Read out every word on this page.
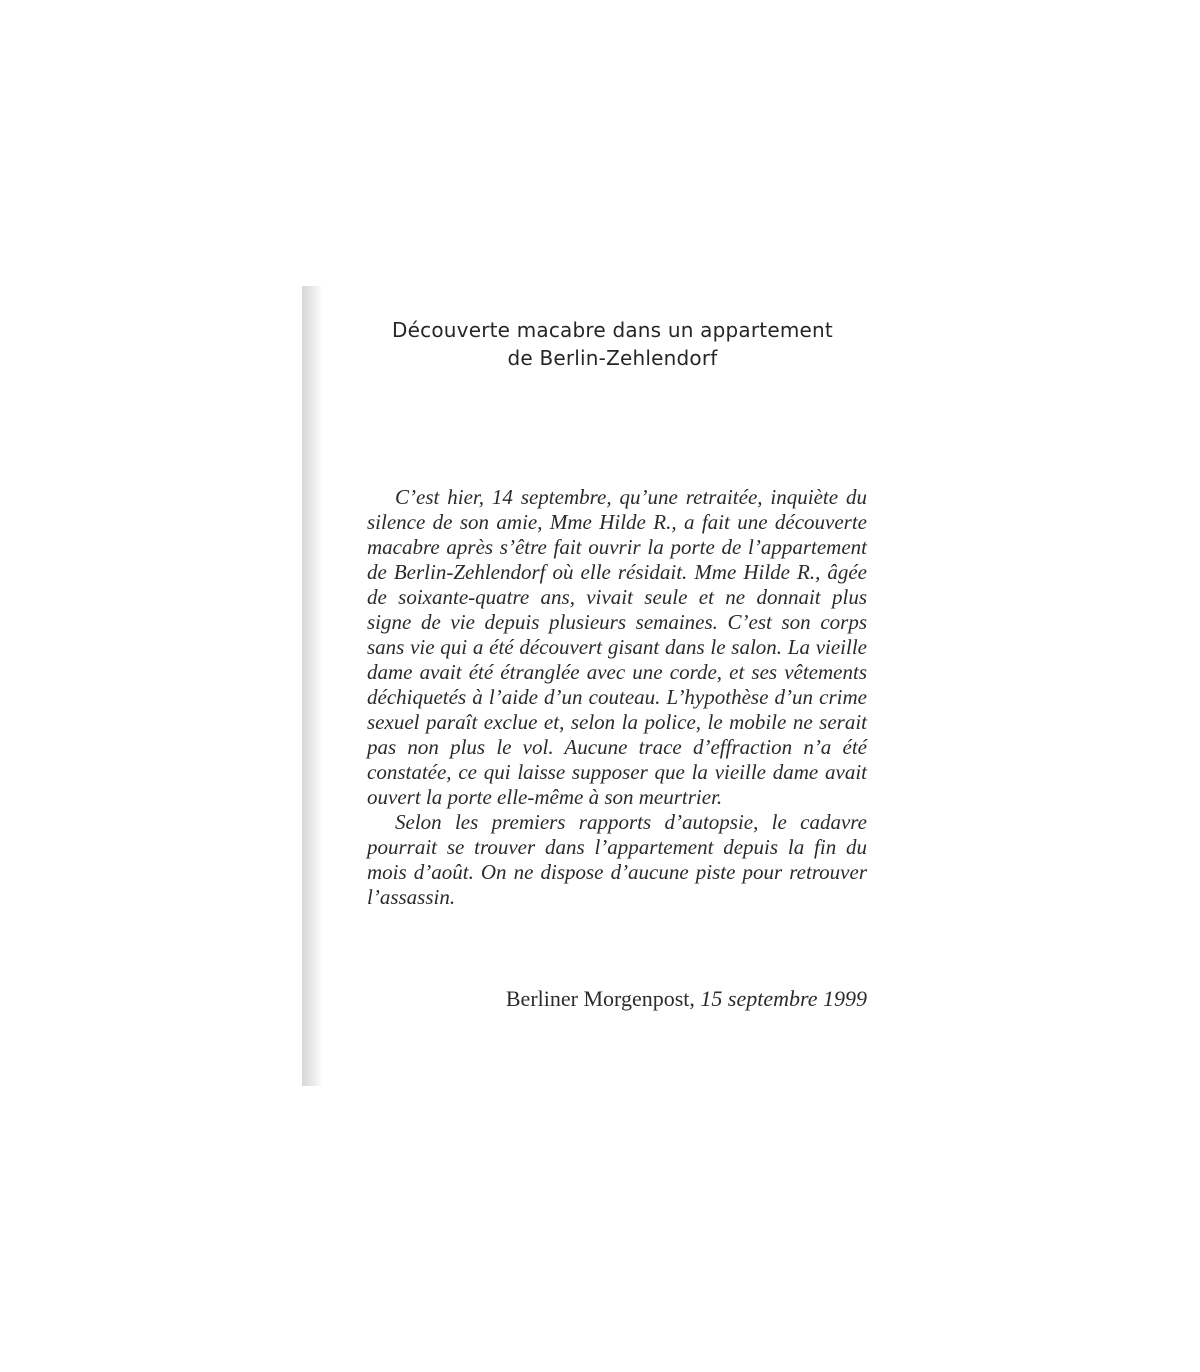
Découverte macabre dans un appartement
de Berlin-Zehlendorf

C’est hier, 14 septembre, qu’une retraitée, inquiète du silence de son amie, Mme Hilde R., a fait une découverte macabre après s’être fait ouvrir la porte de l’appartement de Berlin-Zehlendorf où elle résidait. Mme Hilde R., âgée de soixante-quatre ans, vivait seule et ne donnait plus signe de vie depuis plusieurs semaines. C’est son corps sans vie qui a été découvert gisant dans le salon. La vieille dame avait été étranglée avec une corde, et ses vêtements déchiquetés à l’aide d’un couteau. L’hypothèse d’un crime sexuel paraît exclue et, selon la police, le mobile ne serait pas non plus le vol. Aucune trace d’effraction n’a été constatée, ce qui laisse supposer que la vieille dame avait ouvert la porte elle-même à son meurtrier.

Selon les premiers rapports d’autopsie, le cadavre pourrait se trouver dans l’appartement depuis la fin du mois d’août. On ne dispose d’aucune piste pour retrouver l’assassin.

Berliner Morgenpost, 15 septembre 1999
